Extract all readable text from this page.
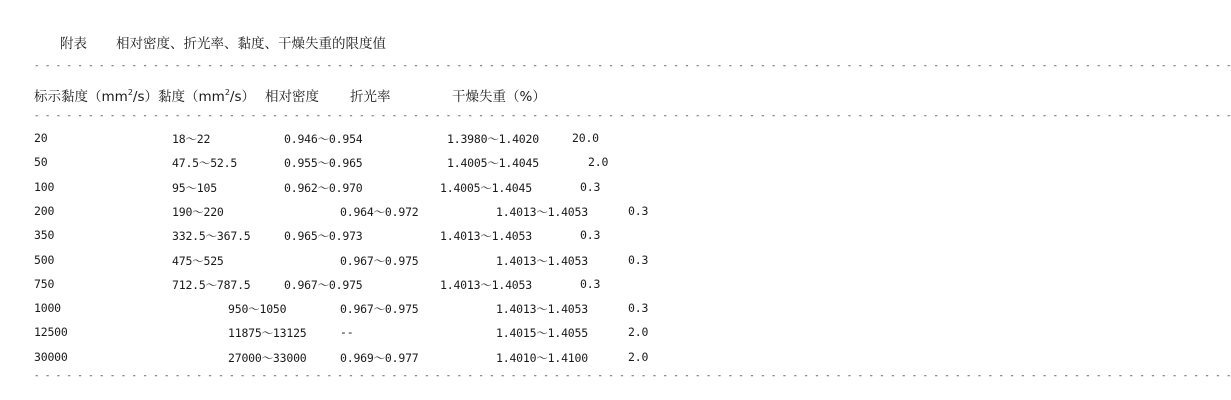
附表 相对密度、折光率、黏度、干燥失重的限度值
- - - - - - - - - - - - - - - - - - - - - - - - - - - - - - - - - - - - - - - - - - - - - - - - - - - - - - - - - - - - - - - - - - - - - - - - - - - - - - - - - - - - - - - - - - - - - - - - - - - - - - - - - - - - - - -
标示黏度$(mm^2/s)$ 黏度$(mm^2/s)$ 相对密度 折光率	干燥失重（%）
- - - - - - - - - - - - - - - - - - - - - - - - - - - - - - - - - - - - - - - - - - - - - - - - - - - - - - - - - - - - - - - - - - - - - - - - - - - - - - - - - - - - - - - - - - - - - - - - - - - - - - - - - - - - - - -
20	18～22	0.946～0.954	1.3980～1.4020	20.0
50	47.5～52.5	0.955～0.965	1.4005～1.4045	2.0
100	95～105	0.962～0.970	1.4005～1.4045	0.3
200	190～220	0.964～0.972	1.4013～1.4053	0.3
350	332.5～367.5	0.965～0.973	1.4013～1.4053	0.3
500	475～525	0.967～0.975	1.4013～1.4053	0.3
750	712.5～787.5	0.967～0.975	1.4013～1.4053	0.3
1000	950～1050	0.967～0.975	1.4013～1.4053	0.3
12500	11875～13125	--	1.4015～1.4055	2.0
30000	27000～33000	0.969～0.977	1.4010～1.4100	2.0
- - - - - - - - - - - - - - - - - - - - - - - - - - - - - - - - - - - - - - - - - - - - - - - - - - - - - - - - - - - - - - - - - - - - - - - - - - - - - - - - - - - - - - - - - - - - - - - - - - - - - - - - - - - - - - -
